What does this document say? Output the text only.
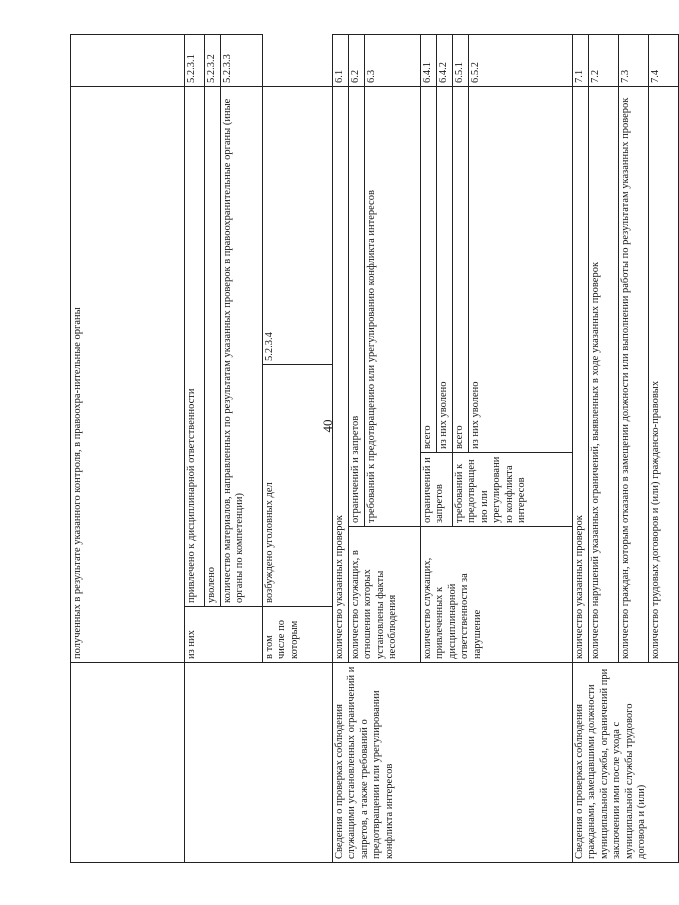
40
	полученных в результате указанного контроля, в правоохра-нительные органы					
	из них	привлечено к дисциплинарной ответственности				5.2.3.1
		уволено				5.2.3.2
		количество материалов, направленных по результатам указанных проверок в правоохранительные органы (иные органы по компетенции)				5.2.3.3
	в том числе по которым	возбуждено уголовных дел			5.2.3.4	
Сведения о проверках соблюдения служащими установленных ограничений и запретов, а также требований о предотвращении или урегулировании конфликта интересов	количество указанных проверок					6.1
	количество служащих, в отношении которых установлены факты несоблюдения		ограничений и запретов			6.2
			требований к предотвращению или урегулированию конфликта интересов			6.3
	количество служащих, привлеченных к дисциплинарной ответственности за нарушение		ограничений и запретов	всего		6.4.1
				из них уволено		6.4.2
			требований к предотвращению или урегулированию конфликта интересов	всего		6.5.1
				из них уволено		6.5.2
Сведения о проверках соблюдения гражданами, замещавшими должности муниципальной службы, ограничений при заключении ими после ухода с муниципальной службы трудового договора и (или)	количество указанных проверок					7.1
	количество нарушений указанных ограничений, выявленных в ходе указанных проверок					7.2
	количество граждан, которым отказано в замещении должности или выполнении работы по результатам указанных проверок					7.3
	количество трудовых договоров и (или) гражданско-правовых					7.4
